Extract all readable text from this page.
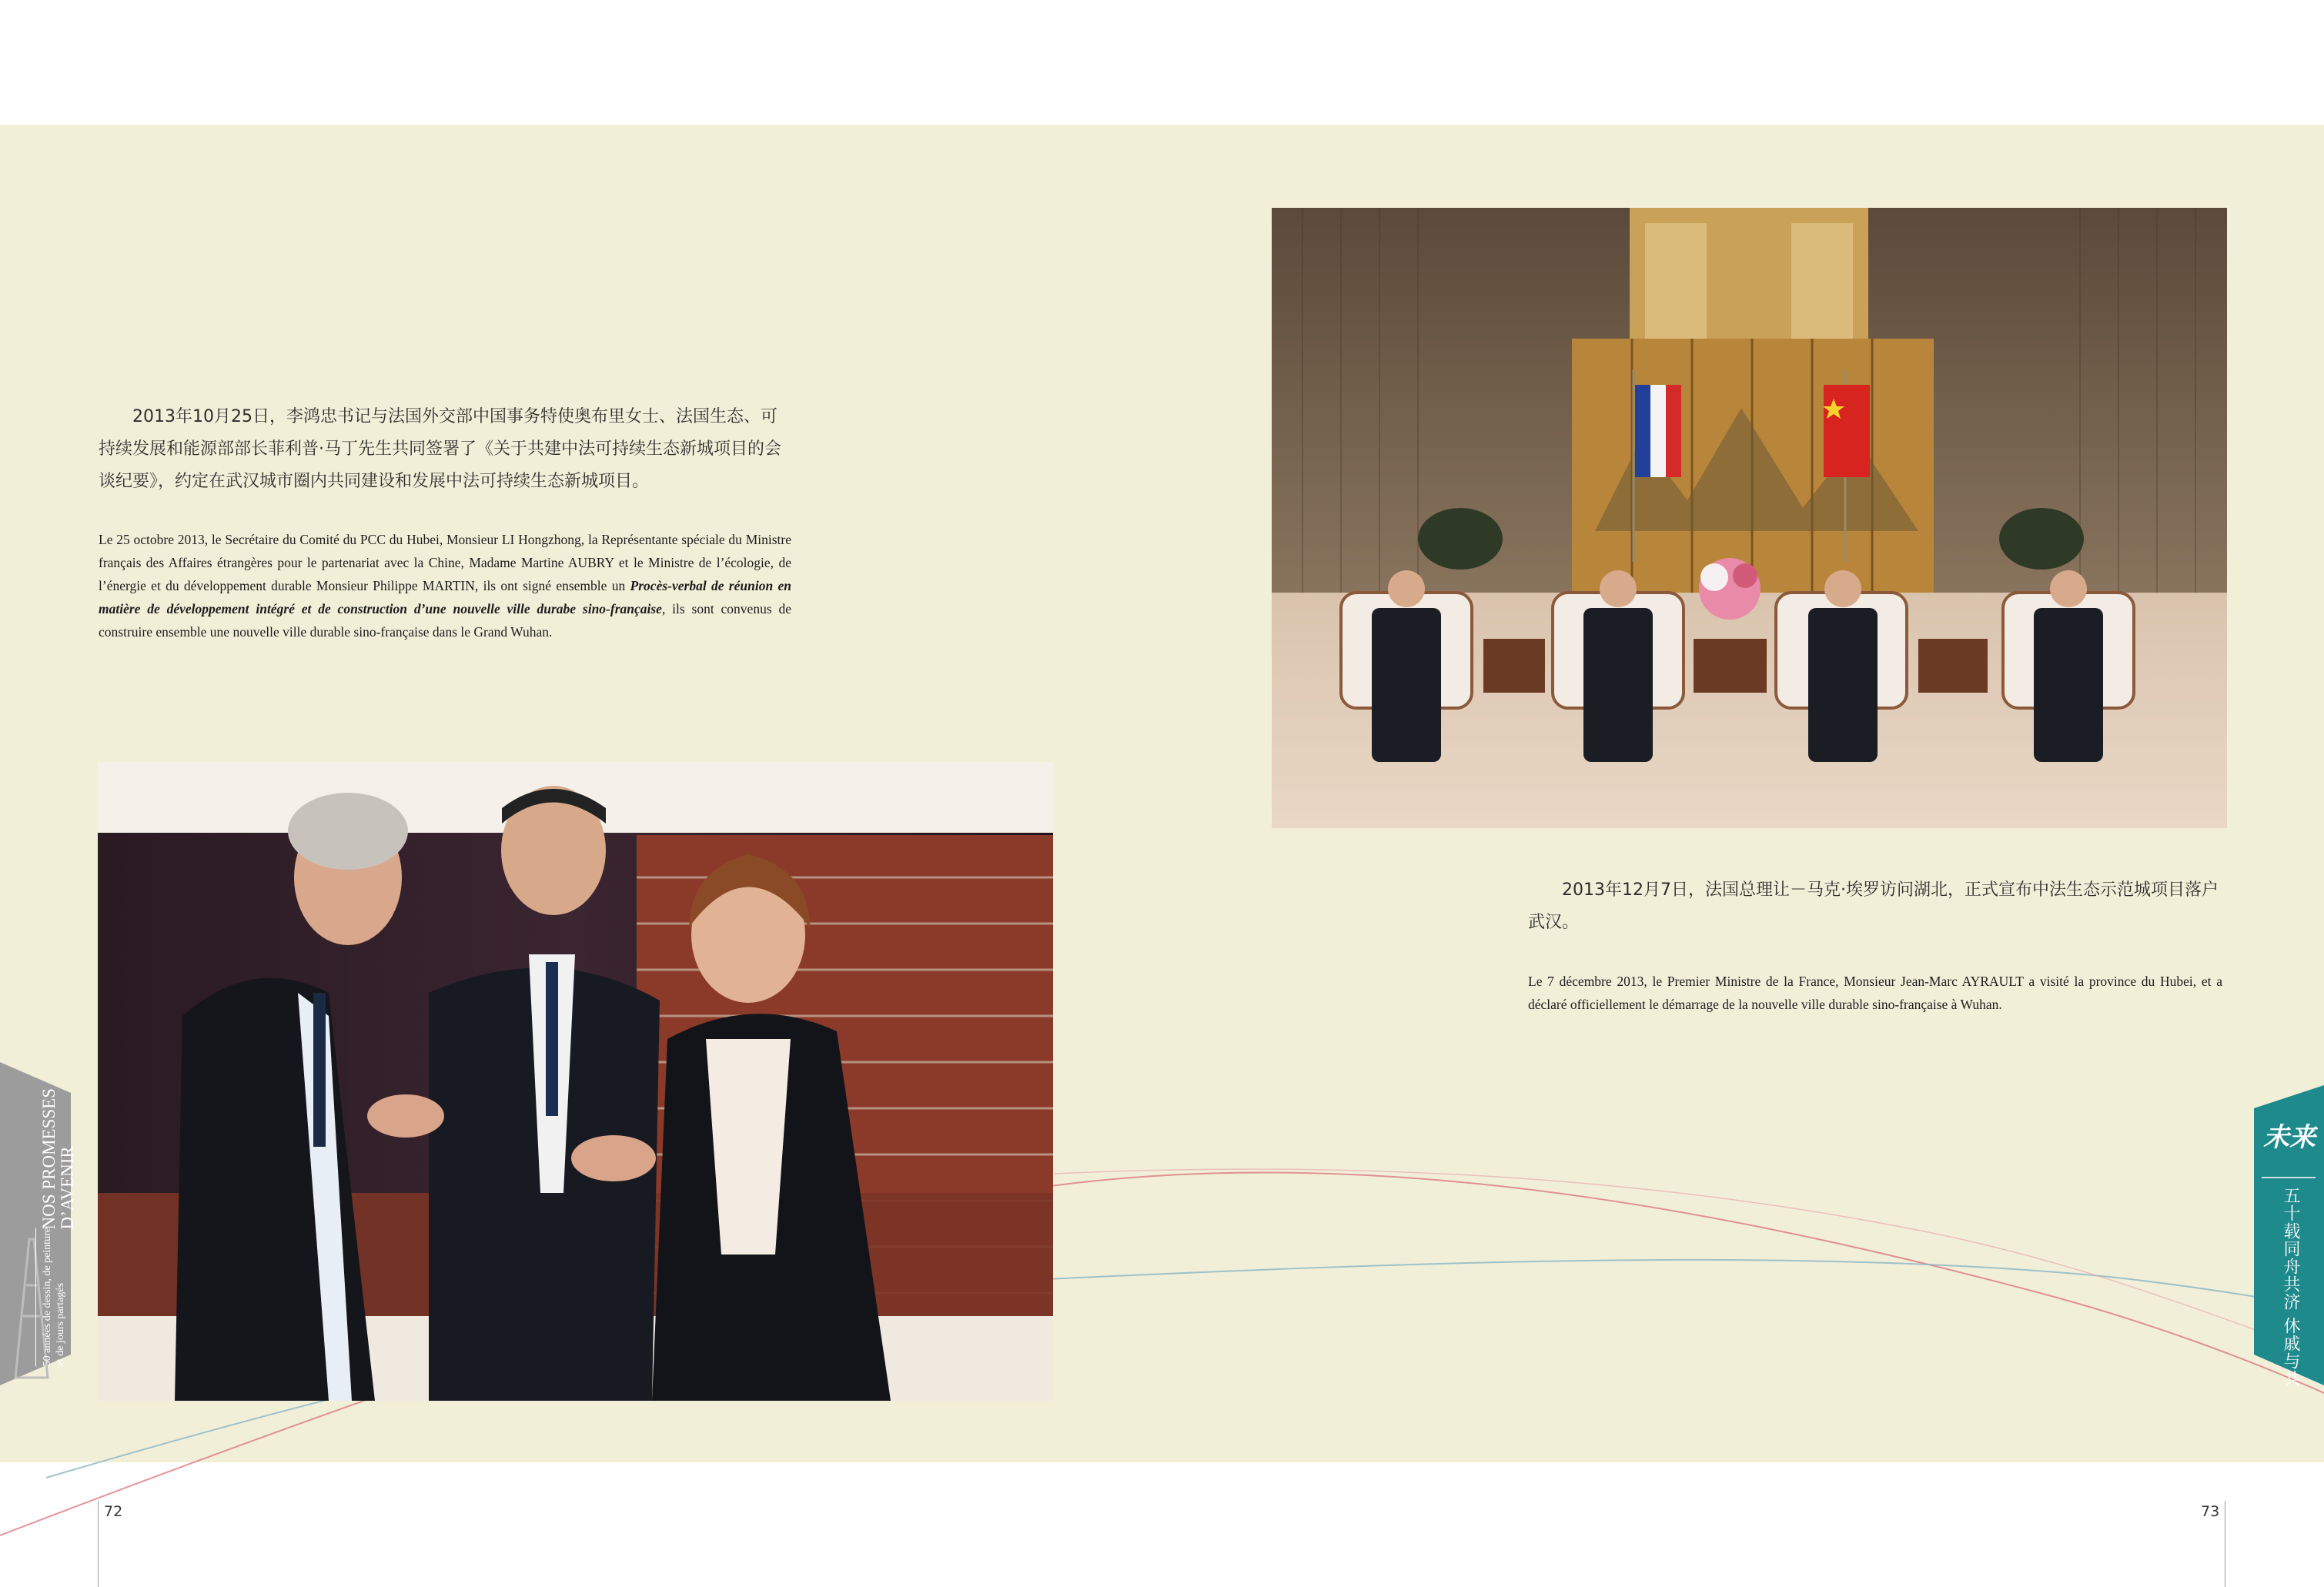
2013年10月25日，李鸿忠书记与法国外交部中国事务特使奥布里女士、法国生态、可持续发展和能源部部长菲利普·马丁先生共同签署了《关于共建中法可持续生态新城项目的会谈纪要》，约定在武汉城市圈内共同建设和发展中法可持续生态新城项目。

Le 25 octobre 2013, le Secrétaire du Comité du PCC du Hubei, Monsieur LI Hongzhong, la Représentante spéciale du Ministre français des Affaires étrangères pour le partenariat avec la Chine, Madame Martine AUBRY et le Ministre de l’écologie, de l’énergie et du développement durable Monsieur Philippe MARTIN, ils ont signé ensemble un Procès-verbal de réunion en matière de développement intégré et de construction d’une nouvelle ville durabe sino-française, ils sont convenus de construire ensemble une nouvelle ville durable sino-française dans le Grand Wuhan.

2013年12月7日，法国总理让－马克·埃罗访问湖北，正式宣布中法生态示范城项目落户武汉。

Le 7 décembre 2013, le Premier Ministre de la France, Monsieur Jean-Marc AYRAULT a visité la province du Hubei, et a déclaré officiellement le démarrage de la nouvelle ville durable sino-française à Wuhan.

NOS PROMESSES D’AVENIR
50 années de dessin, de peinture et de jours partagés
未来
五十载同舟共济 休戚与共
72	73
